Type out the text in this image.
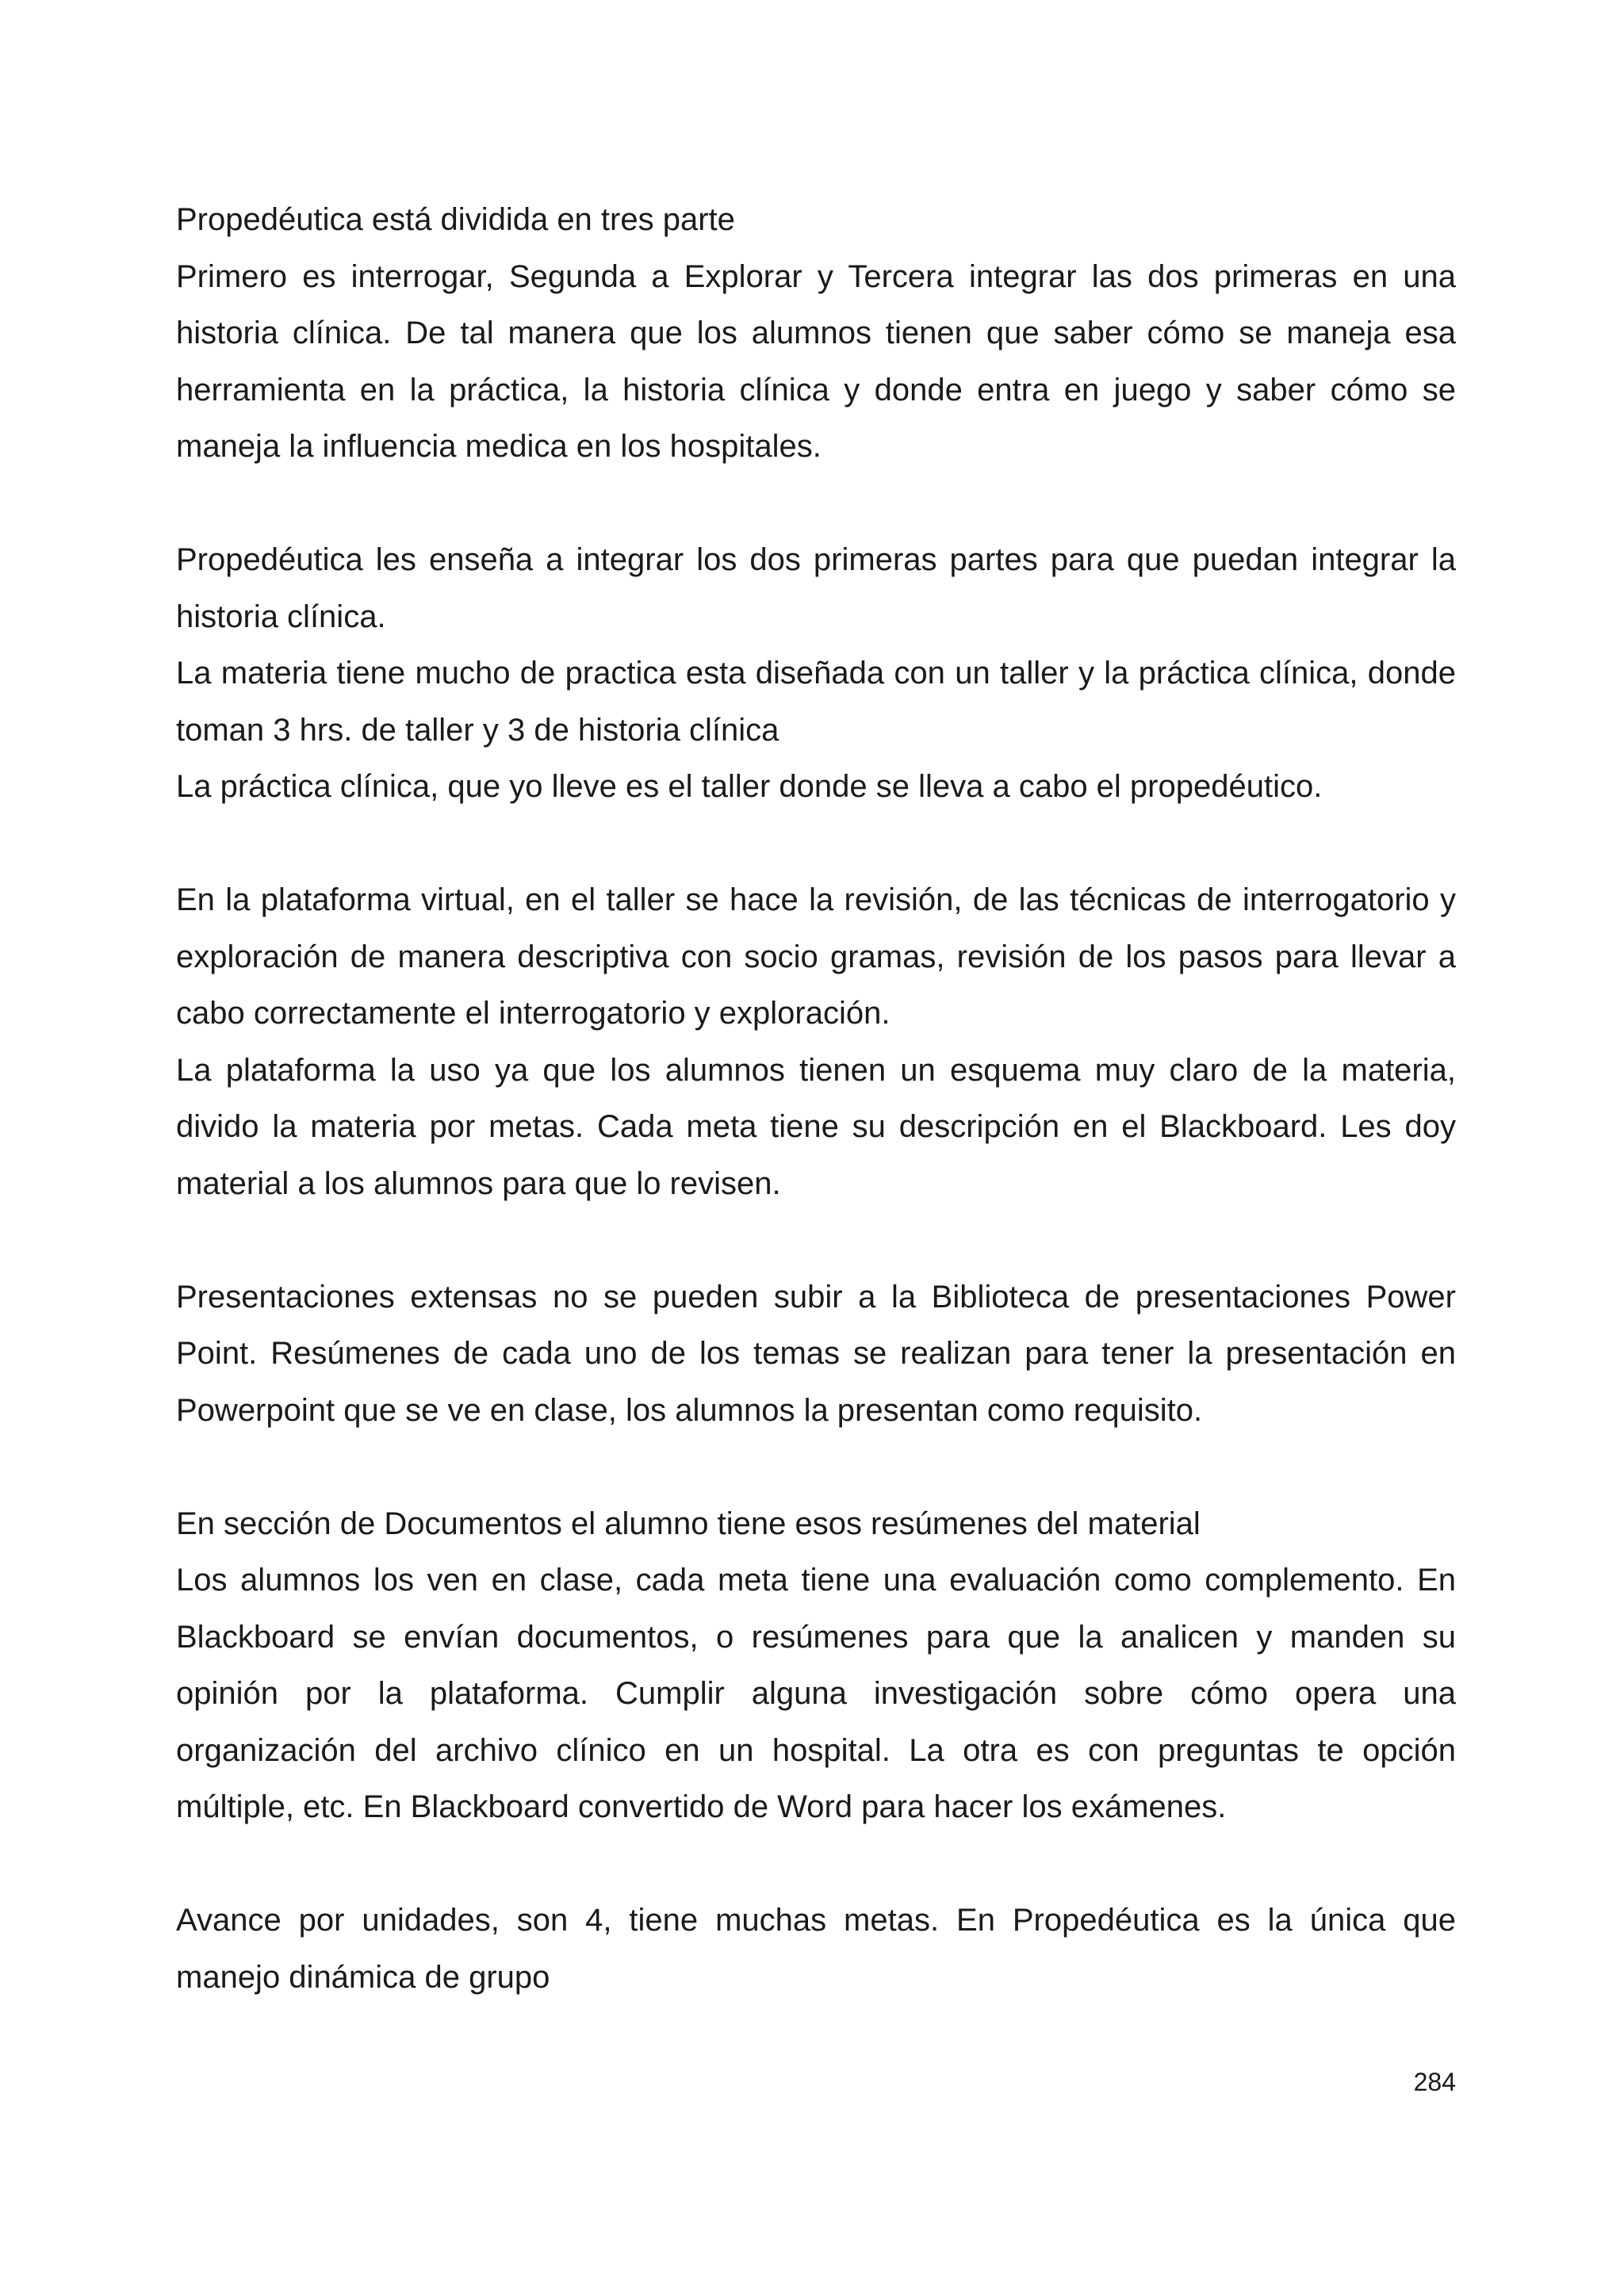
Propedéutica está dividida en tres parte

Primero es interrogar, Segunda a Explorar y Tercera integrar las dos primeras en una historia clínica. De tal manera que los alumnos tienen que saber cómo se maneja esa herramienta en la práctica, la historia clínica y donde entra en juego y saber cómo se maneja la influencia medica en los hospitales.

Propedéutica les enseña a integrar los dos primeras partes para que puedan integrar la historia clínica.

La materia tiene mucho de practica esta diseñada con un taller y la práctica clínica, donde toman 3 hrs. de taller y 3 de historia clínica

La práctica clínica, que yo lleve es el taller donde se lleva a cabo el propedéutico.

En la plataforma virtual, en el taller se hace la revisión, de las técnicas de interrogatorio y exploración de manera descriptiva con socio gramas, revisión de los pasos para llevar a cabo correctamente el interrogatorio y exploración.

La plataforma la uso ya que los alumnos tienen un esquema muy claro de la materia, divido la materia por metas. Cada meta tiene su descripción en el Blackboard. Les doy material a los alumnos para que lo revisen.

Presentaciones extensas no se pueden subir a la Biblioteca de presentaciones Power Point. Resúmenes de cada uno de los temas se realizan para tener la presentación en Powerpoint que se ve en clase, los alumnos la presentan como requisito.

En sección de Documentos el alumno tiene esos resúmenes del material

Los alumnos los ven en clase, cada meta tiene una evaluación como complemento. En Blackboard se envían documentos, o resúmenes para que la analicen y manden su opinión por la plataforma. Cumplir alguna investigación sobre cómo opera una organización del archivo clínico en un hospital. La otra es con preguntas te opción múltiple, etc. En Blackboard convertido de Word para hacer los exámenes.

Avance por unidades, son 4, tiene muchas metas. En Propedéutica es la única que manejo dinámica de grupo

284
